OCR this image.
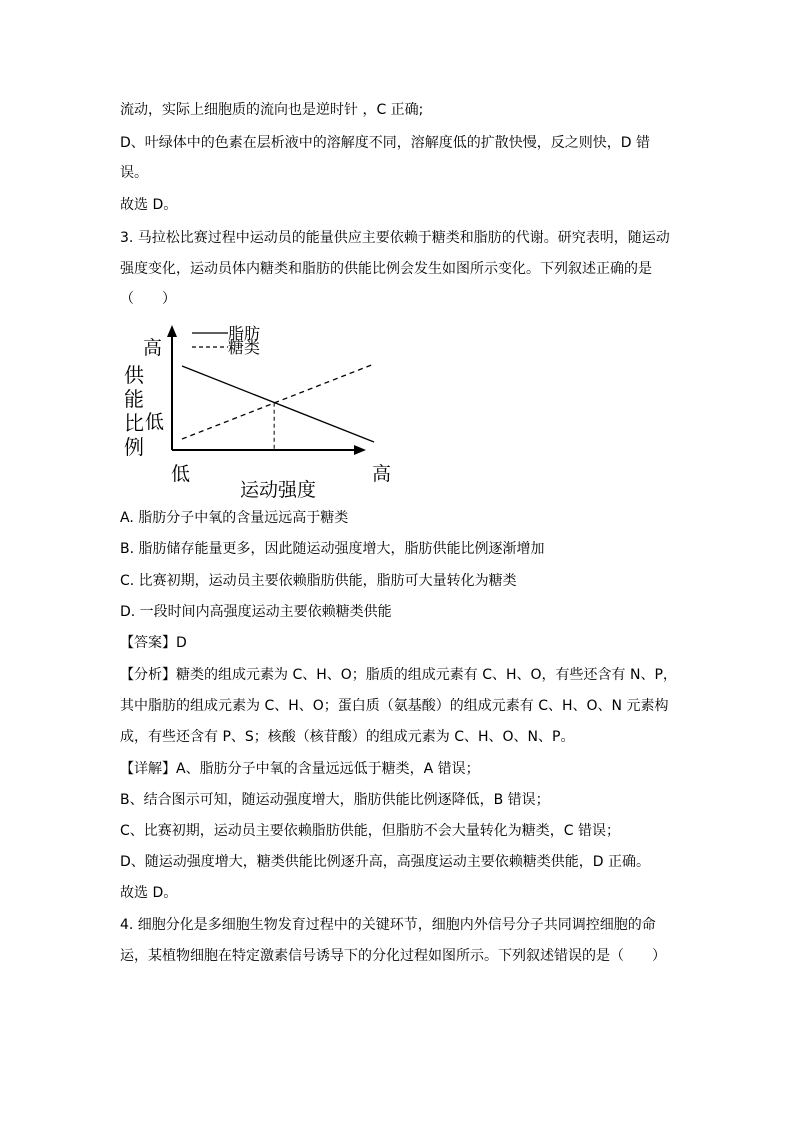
流动，实际上细胞质的流向也是逆时针 ，C 正确;
D、叶绿体中的色素在层析液中的溶解度不同，溶解度低的扩散快慢，反之则快，D 错
误。
故选 D。
3. 马拉松比赛过程中运动员的能量供应主要依赖于糖类和脂肪的代谢。研究表明，随运动
强度变化，运动员体内糖类和脂肪的供能比例会发生如图所示变化。下列叙述正确的是
（　　）
高
供 能 比 例
低
低	高
运动强度
脂肪
糖类
A. 脂肪分子中氧的含量远远高于糖类
B. 脂肪储存能量更多，因此随运动强度增大，脂肪供能比例逐渐增加
C. 比赛初期，运动员主要依赖脂肪供能，脂肪可大量转化为糖类
D. 一段时间内高强度运动主要依赖糖类供能
【答案】D
【分析】糖类的组成元素为 C、H、O；脂质的组成元素有 C、H、O，有些还含有 N、P，
其中脂肪的组成元素为 C、H、O；蛋白质（氨基酸）的组成元素有 C、H、O、N 元素构
成，有些还含有 P、S；核酸（核苷酸）的组成元素为 C、H、O、N、P。
【详解】A、脂肪分子中氧的含量远远低于糖类，A 错误；
B、结合图示可知，随运动强度增大，脂肪供能比例逐降低，B 错误；
C、比赛初期，运动员主要依赖脂肪供能，但脂肪不会大量转化为糖类，C 错误；
D、随运动强度增大，糖类供能比例逐升高，高强度运动主要依赖糖类供能，D 正确。
故选 D。
4. 细胞分化是多细胞生物发育过程中的关键环节，细胞内外信号分子共同调控细胞的命
运，某植物细胞在特定激素信号诱导下的分化过程如图所示。下列叙述错误的是（　　）
